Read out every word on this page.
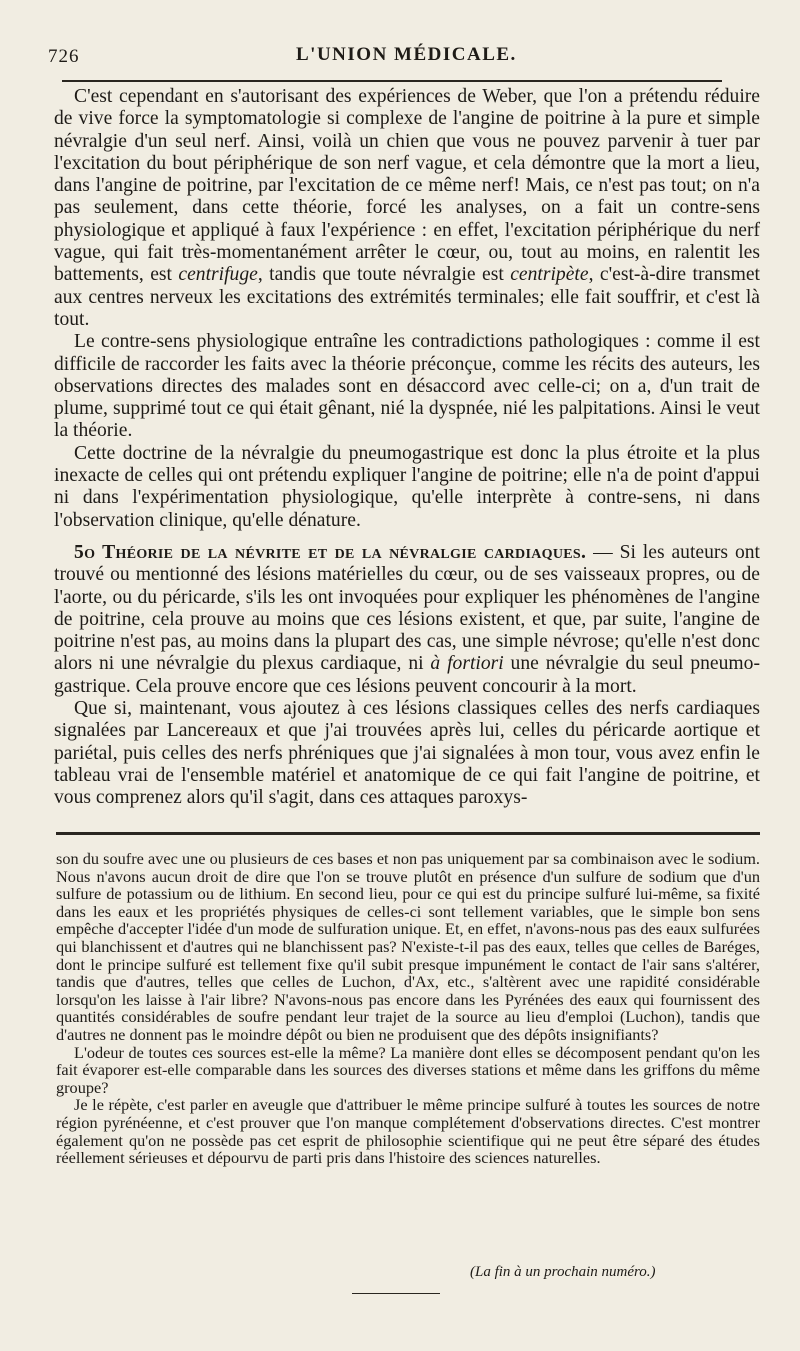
726	L'UNION MÉDICALE.

C'est cependant en s'autorisant des expériences de Weber, que l'on a prétendu réduire de vive force la symptomatologie si complexe de l'angine de poitrine à la pure et simple névralgie d'un seul nerf. Ainsi, voilà un chien que vous ne pouvez parvenir à tuer par l'excitation du bout périphérique de son nerf vague, et cela démontre que la mort a lieu, dans l'angine de poitrine, par l'excitation de ce même nerf! Mais, ce n'est pas tout; on n'a pas seulement, dans cette théorie, forcé les analyses, on a fait un contre-sens physiologique et appliqué à faux l'expérience : en effet, l'excitation périphérique du nerf vague, qui fait très-momentanément arrêter le cœur, ou, tout au moins, en ralentit les battements, est centrifuge, tandis que toute névralgie est centripète, c'est-à-dire transmet aux centres nerveux les excitations des extrémités terminales; elle fait souffrir, et c'est là tout.

Le contre-sens physiologique entraîne les contradictions pathologiques : comme il est difficile de raccorder les faits avec la théorie préconçue, comme les récits des auteurs, les observations directes des malades sont en désaccord avec celle-ci; on a, d'un trait de plume, supprimé tout ce qui était gênant, nié la dyspnée, nié les palpitations. Ainsi le veut la théorie.

Cette doctrine de la névralgie du pneumogastrique est donc la plus étroite et la plus inexacte de celles qui ont prétendu expliquer l'angine de poitrine; elle n'a de point d'appui ni dans l'expérimentation physiologique, qu'elle interprète à contre-sens, ni dans l'observation clinique, qu'elle dénature.

5o Théorie de la névrite et de la névralgie cardiaques. — Si les auteurs ont trouvé ou mentionné des lésions matérielles du cœur, ou de ses vaisseaux propres, ou de l'aorte, ou du péricarde, s'ils les ont invoquées pour expliquer les phénomènes de l'angine de poitrine, cela prouve au moins que ces lésions existent, et que, par suite, l'angine de poitrine n'est pas, au moins dans la plupart des cas, une simple névrose; qu'elle n'est donc alors ni une névralgie du plexus cardiaque, ni à fortiori une névralgie du seul pneumo-gastrique. Cela prouve encore que ces lésions peuvent concourir à la mort.

Que si, maintenant, vous ajoutez à ces lésions classiques celles des nerfs cardiaques signalées par Lancereaux et que j'ai trouvées après lui, celles du péricarde aortique et pariétal, puis celles des nerfs phréniques que j'ai signalées à mon tour, vous avez enfin le tableau vrai de l'ensemble matériel et anatomique de ce qui fait l'angine de poitrine, et vous comprenez alors qu'il s'agit, dans ces attaques paroxys-

son du soufre avec une ou plusieurs de ces bases et non pas uniquement par sa combinaison avec le sodium. Nous n'avons aucun droit de dire que l'on se trouve plutôt en présence d'un sulfure de sodium que d'un sulfure de potassium ou de lithium. En second lieu, pour ce qui est du principe sulfuré lui-même, sa fixité dans les eaux et les propriétés physiques de celles-ci sont tellement variables, que le simple bon sens empêche d'accepter l'idée d'un mode de sulfuration unique. Et, en effet, n'avons-nous pas des eaux sulfurées qui blanchissent et d'autres qui ne blanchissent pas? N'existe-t-il pas des eaux, telles que celles de Baréges, dont le principe sulfuré est tellement fixe qu'il subit presque impunément le contact de l'air sans s'altérer, tandis que d'autres, telles que celles de Luchon, d'Ax, etc., s'altèrent avec une rapidité considérable lorsqu'on les laisse à l'air libre? N'avons-nous pas encore dans les Pyrénées des eaux qui fournissent des quantités considérables de soufre pendant leur trajet de la source au lieu d'emploi (Luchon), tandis que d'autres ne donnent pas le moindre dépôt ou bien ne produisent que des dépôts insignifiants?

L'odeur de toutes ces sources est-elle la même? La manière dont elles se décomposent pendant qu'on les fait évaporer est-elle comparable dans les sources des diverses stations et même dans les griffons du même groupe?

Je le répète, c'est parler en aveugle que d'attribuer le même principe sulfuré à toutes les sources de notre région pyrénéenne, et c'est prouver que l'on manque complétement d'observations directes. C'est montrer également qu'on ne possède pas cet esprit de philosophie scientifique qui ne peut être séparé des études réellement sérieuses et dépourvu de parti pris dans l'histoire des sciences naturelles.

(La fin à un prochain numéro.)
